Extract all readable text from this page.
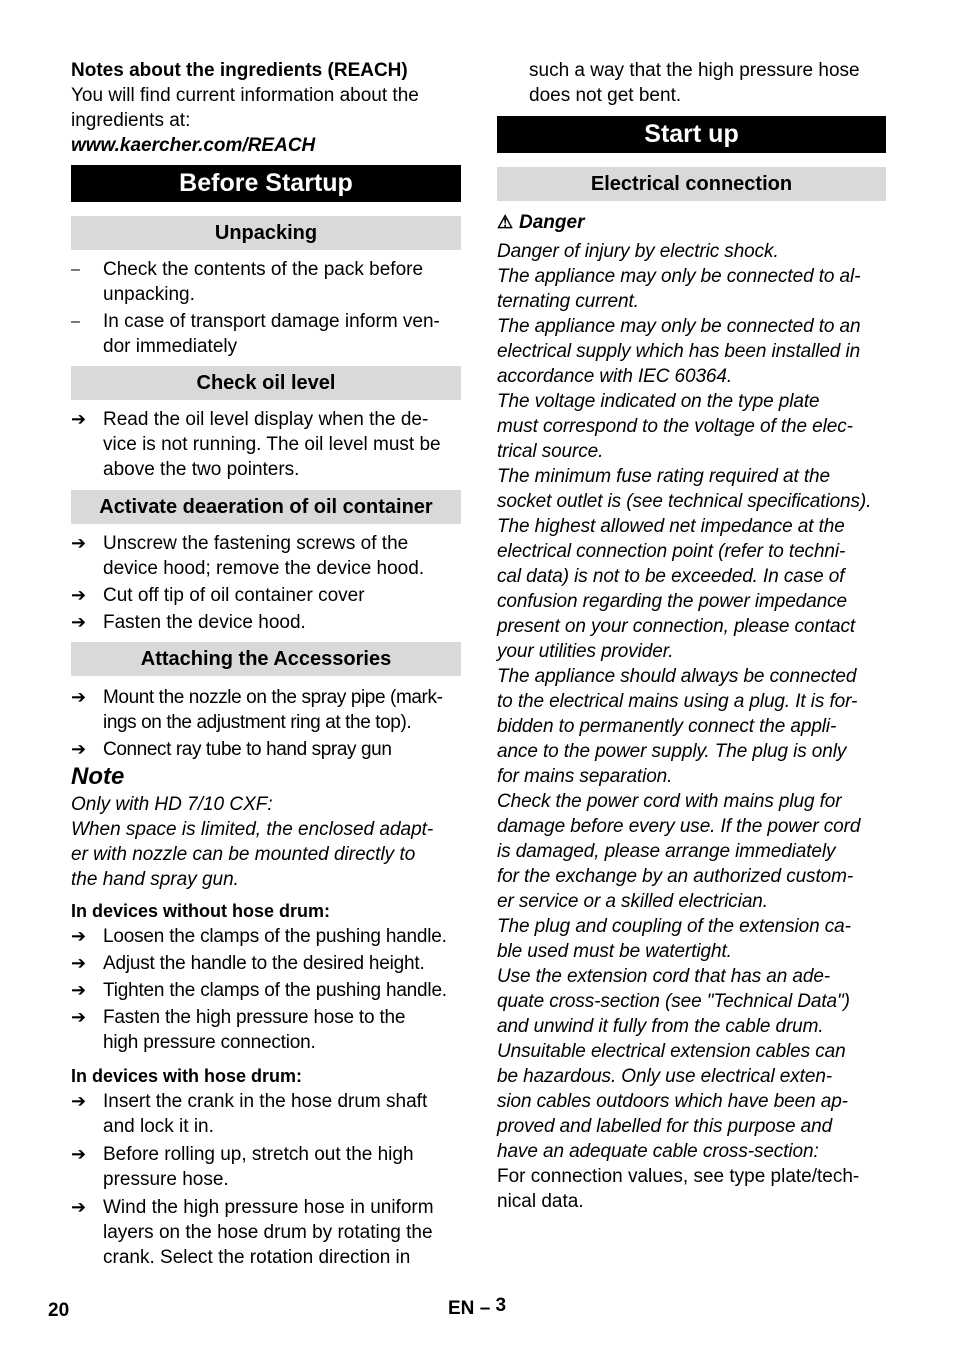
Notes about the ingredients (REACH)

You will find current information about the

ingredients at:

www.kaercher.com/REACH

Before Startup
Unpacking
–	Check the contents of the pack before
unpacking.
–	In case of transport damage inform ven-
dor immediately
Check oil level
➔ Read the oil level display when the de-
vice is not running. The oil level must be
above the two pointers.
Activate deaeration of oil container
➔ Unscrew the fastening screws of the
device hood; remove the device hood.
➔ Cut off tip of oil container cover
➔ Fasten the device hood.
Attaching the Accessories
➔ Mount the nozzle on the spray pipe (mark-
ings on the adjustment ring at the top).
➔ Connect ray tube to hand spray gun

Note

Only with HD 7/10 CXF:
When space is limited, the enclosed adapt-
er with nozzle can be mounted directly to
the hand spray gun.

In devices without hose drum:

➔ Loosen the clamps of the pushing handle.
➔ Adjust the handle to the desired height.
➔ Tighten the clamps of the pushing handle.
➔ Fasten the high pressure hose to the
high pressure connection.

In devices with hose drum:

➔ Insert the crank in the hose drum shaft
and lock it in.
➔ Before rolling up, stretch out the high
pressure hose.
➔ Wind the high pressure hose in uniform
layers on the hose drum by rotating the
crank. Select the rotation direction in
such a way that the high pressure hose
does not get bent.
Start up
Electrical connection

⚠ Danger

Danger of injury by electric shock.
The appliance may only be connected to al-
ternating current.
The appliance may only be connected to an
electrical supply which has been installed in
accordance with IEC 60364.
The voltage indicated on the type plate
must correspond to the voltage of the elec-
trical source.
The minimum fuse rating required at the
socket outlet is (see technical specifications).
The highest allowed net impedance at the
electrical connection point (refer to techni-
cal data) is not to be exceeded. In case of
confusion regarding the power impedance
present on your connection, please contact
your utilities provider.
The appliance should always be connected
to the electrical mains using a plug. It is for-
bidden to permanently connect the appli-
ance to the power supply. The plug is only
for mains separation.
Check the power cord with mains plug for
damage before every use. If the power cord
is damaged, please arrange immediately
for the exchange by an authorized custom-
er service or a skilled electrician.
The plug and coupling of the extension ca-
ble used must be watertight.
Use the extension cord that has an ade-
quate cross-section (see "Technical Data")
and unwind it fully from the cable drum.
Unsuitable electrical extension cables can
be hazardous. Only use electrical exten-
sion cables outdoors which have been ap-
proved and labelled for this purpose and
have an adequate cable cross-section:
For connection values, see type plate/tech-
nical data.
20	EN – 3
